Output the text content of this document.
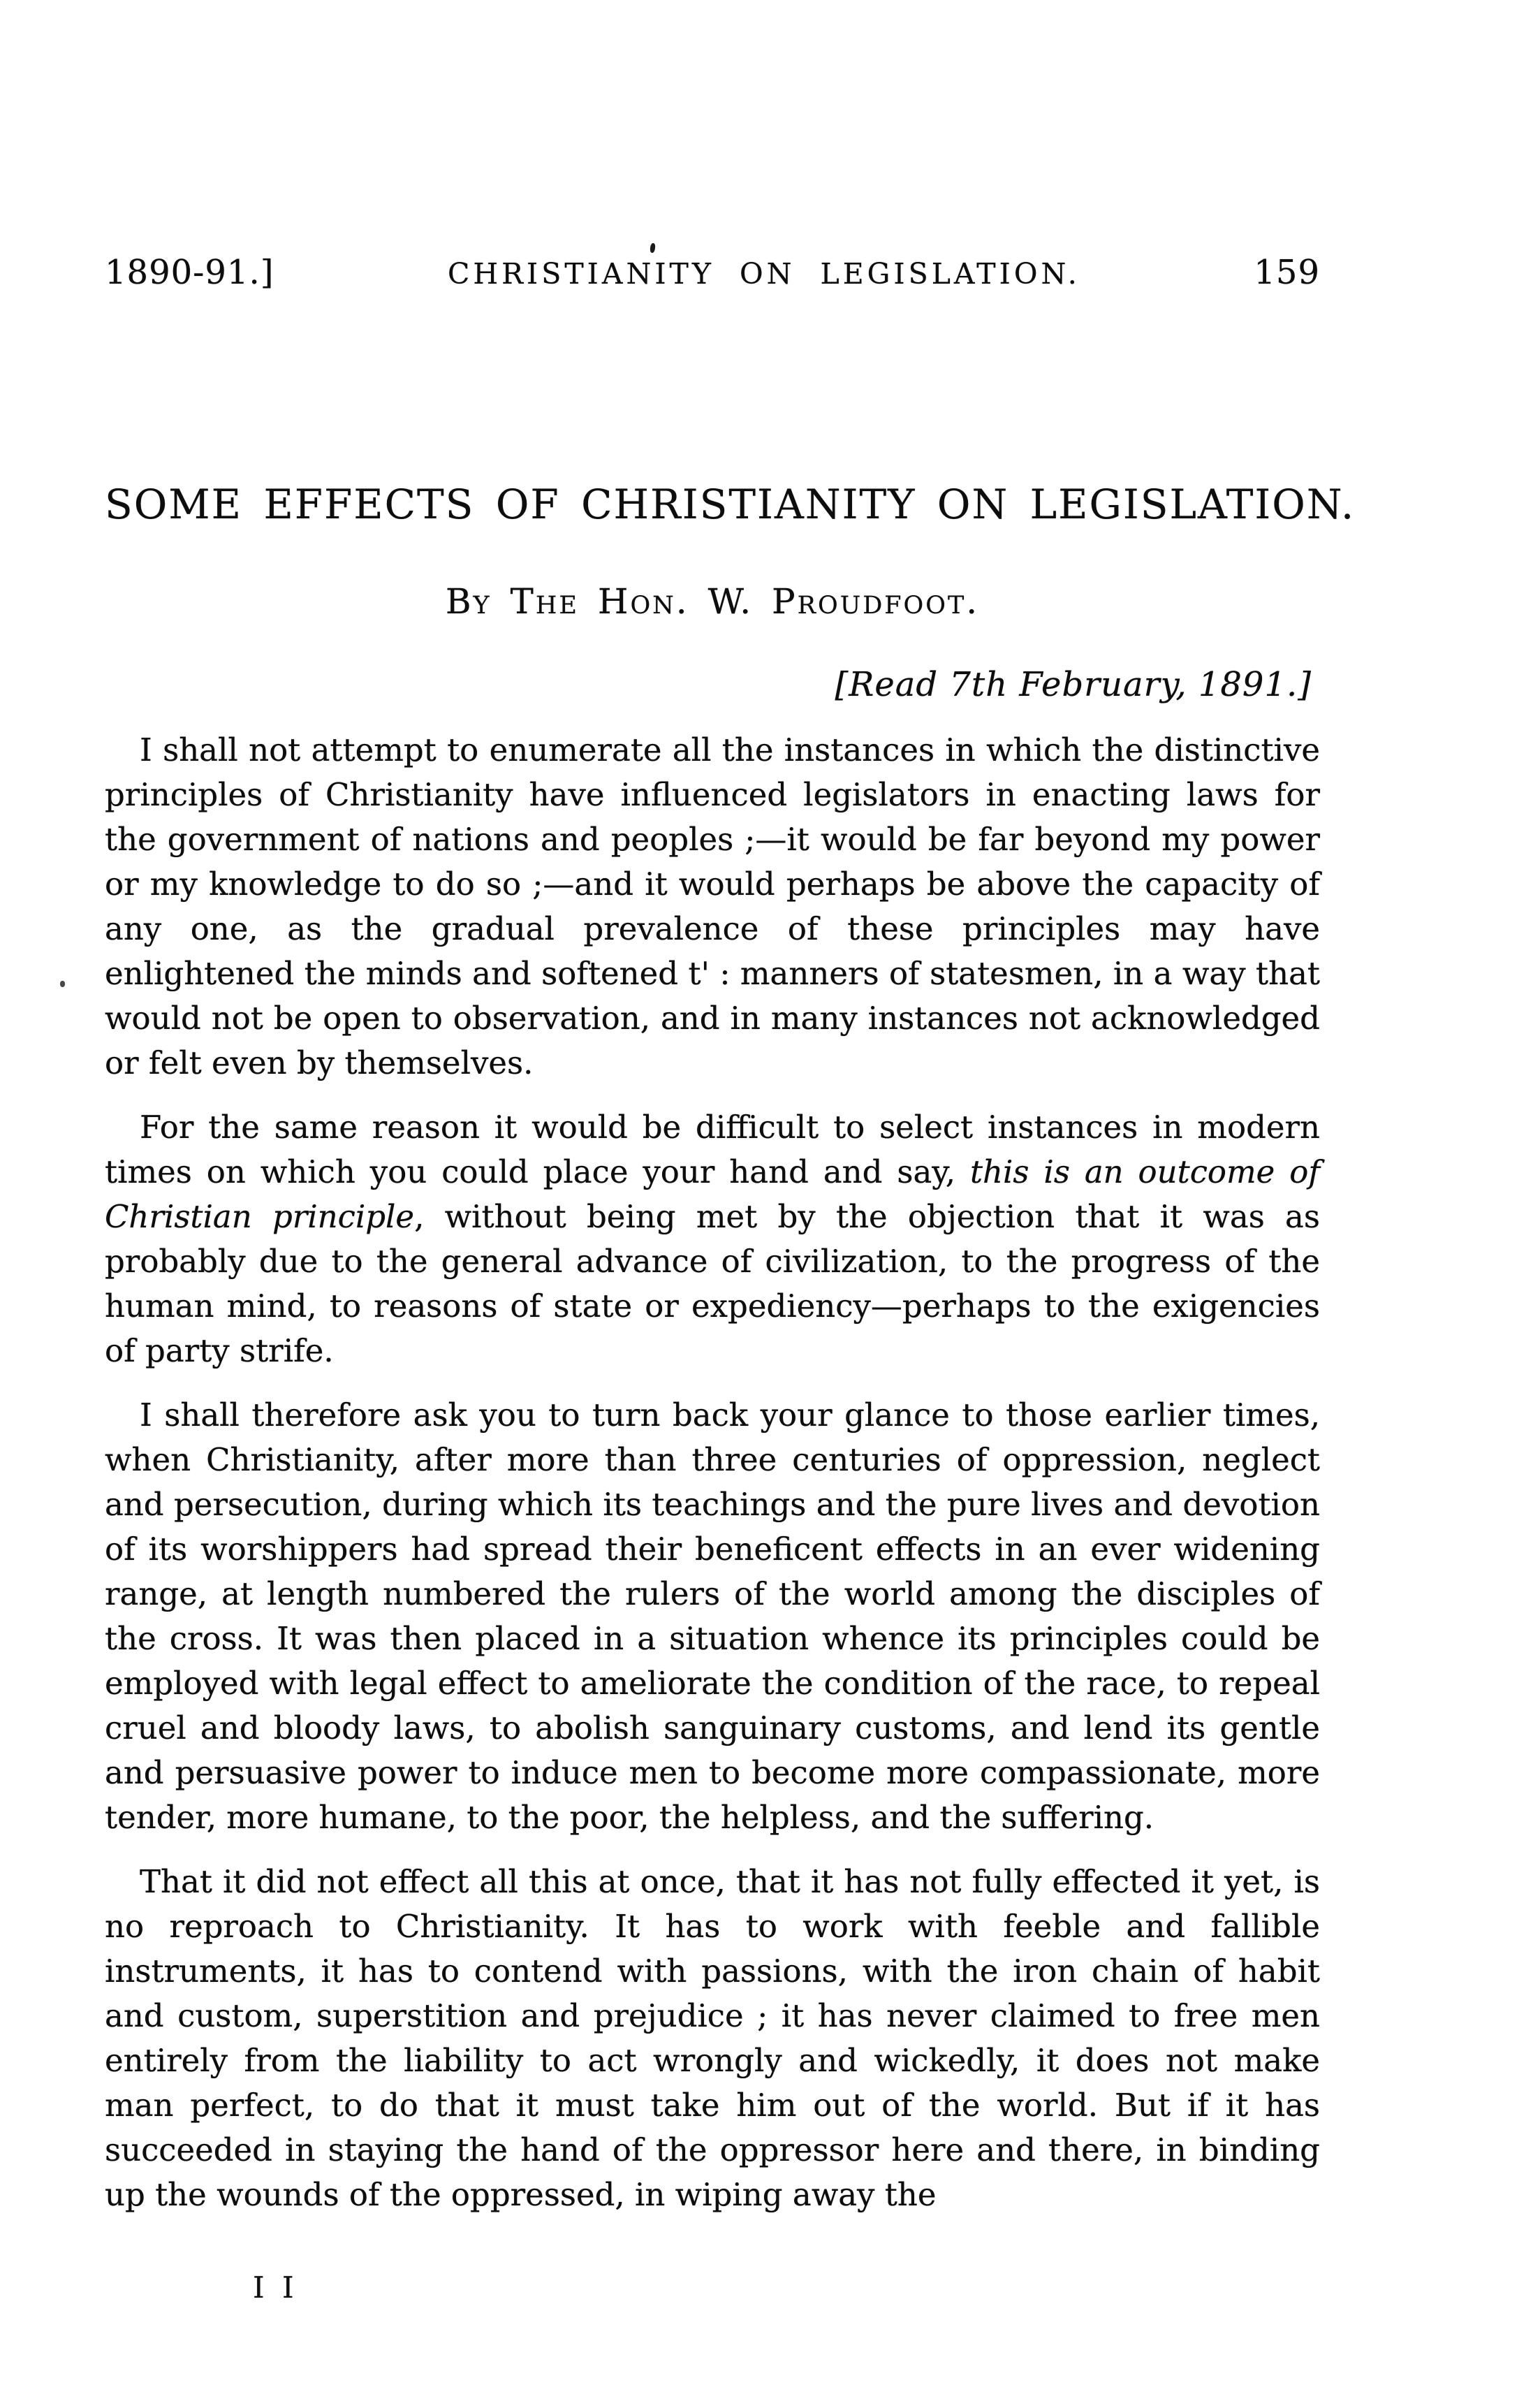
1890-91.]	CHRISTIANITY ON LEGISLATION.	159
SOME EFFECTS OF CHRISTIANITY ON LEGISLATION.
By The Hon. W. Proudfoot.
[Read 7th February, 1891.]

I shall not attempt to enumerate all the instances in which the distinctive principles of Christianity have influenced legislators in enacting laws for the government of nations and peoples ;—it would be far beyond my power or my knowledge to do so ;—and it would perhaps be above the capacity of any one, as the gradual prevalence of these principles may have enlightened the minds and softened t' : manners of statesmen, in a way that would not be open to observation, and in many instances not acknowledged or felt even by themselves.

For the same reason it would be difficult to select instances in modern times on which you could place your hand and say, this is an outcome of Christian principle, without being met by the objection that it was as probably due to the general advance of civilization, to the progress of the human mind, to reasons of state or expediency—perhaps to the exigencies of party strife.

I shall therefore ask you to turn back your glance to those earlier times, when Christianity, after more than three centuries of oppression, neglect and persecution, during which its teachings and the pure lives and devotion of its worshippers had spread their beneficent effects in an ever widening range, at length numbered the rulers of the world among the disciples of the cross. It was then placed in a situation whence its principles could be employed with legal effect to ameliorate the condition of the race, to repeal cruel and bloody laws, to abolish sanguinary customs, and lend its gentle and persuasive power to induce men to become more compassionate, more tender, more humane, to the poor, the helpless, and the suffering.

That it did not effect all this at once, that it has not fully effected it yet, is no reproach to Christianity. It has to work with feeble and fallible instruments, it has to contend with passions, with the iron chain of habit and custom, superstition and prejudice ; it has never claimed to free men entirely from the liability to act wrongly and wickedly, it does not make man perfect, to do that it must take him out of the world. But if it has succeeded in staying the hand of the oppressor here and there, in binding up the wounds of the oppressed, in wiping away the

I I
